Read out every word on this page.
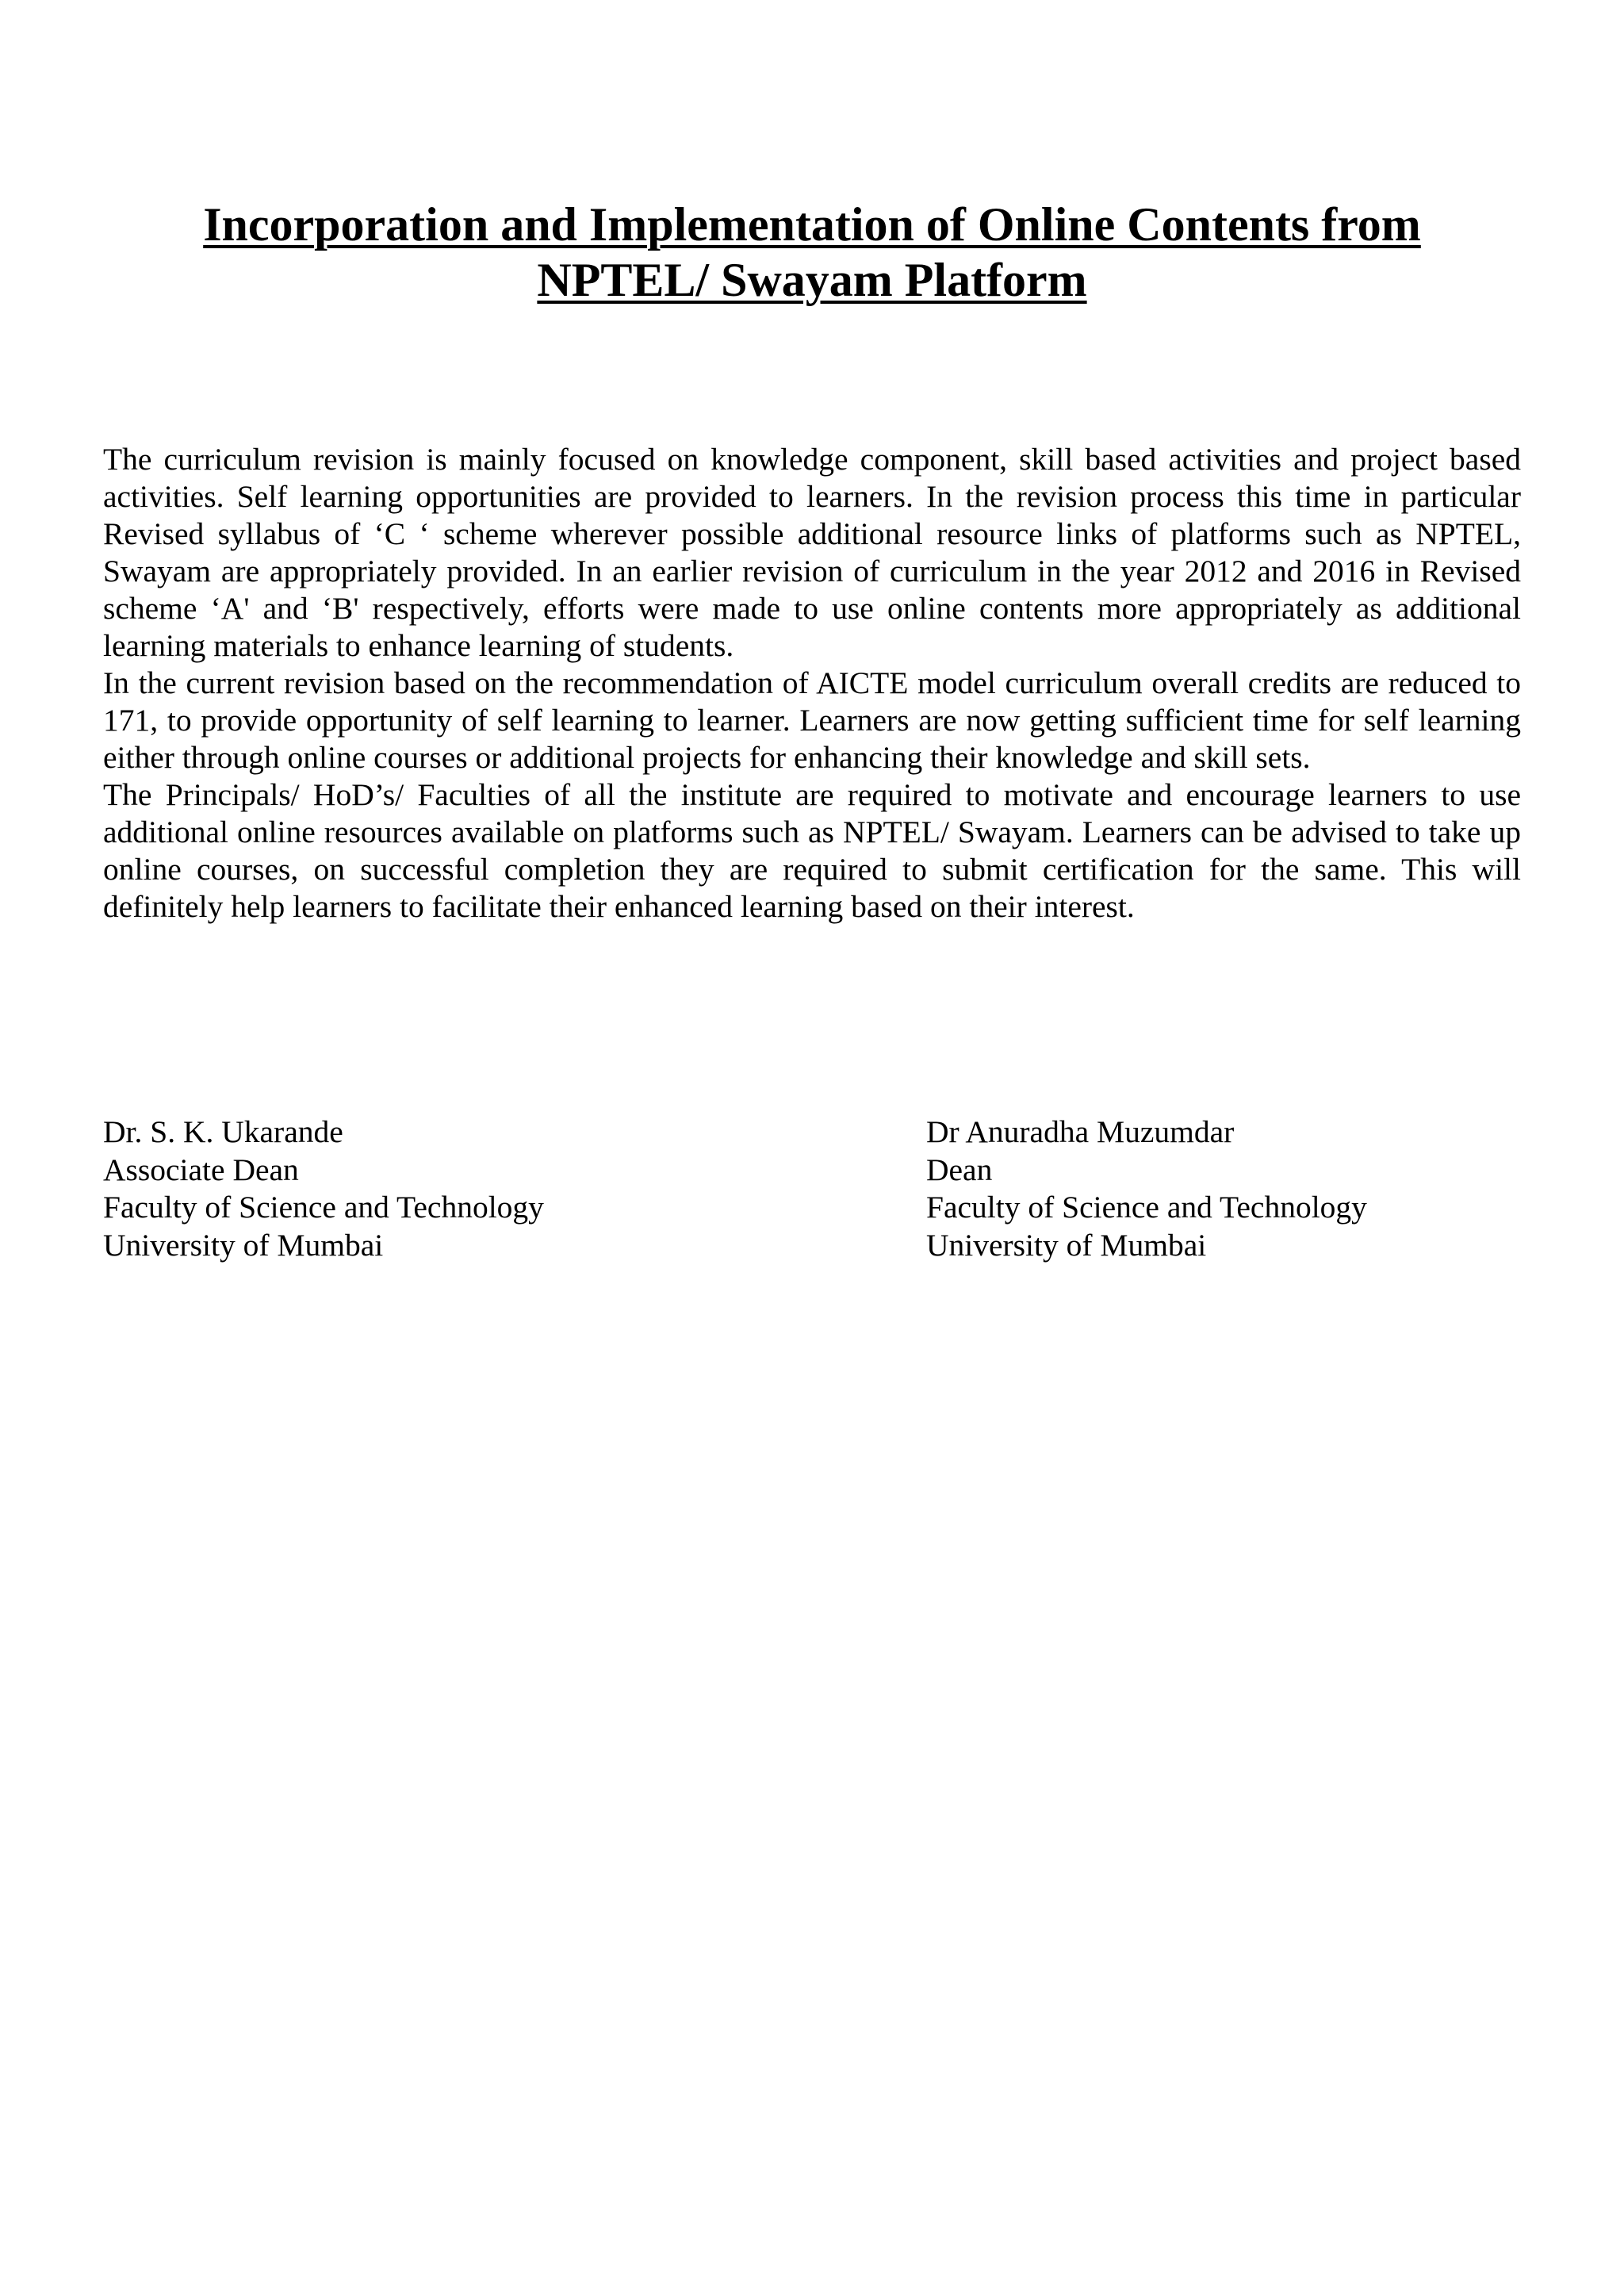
Incorporation and Implementation of Online Contents from
NPTEL/ Swayam Platform

The curriculum revision is mainly focused on knowledge component, skill based activities and project based activities. Self learning opportunities are provided to learners. In the revision process this time in particular Revised syllabus of ‘C ‘ scheme wherever possible additional resource links of platforms such as NPTEL, Swayam are appropriately provided. In an earlier revision of curriculum in the year 2012 and 2016 in Revised scheme ‘A' and ‘B' respectively, efforts were made to use online contents more appropriately as additional learning materials to enhance learning of students.

In the current revision based on the recommendation of AICTE model curriculum overall credits are reduced to 171, to provide opportunity of self learning to learner. Learners are now getting sufficient time for self learning either through online courses or additional projects for enhancing their knowledge and skill sets.

The Principals/ HoD’s/ Faculties of all the institute are required to motivate and encourage learners to use additional online resources available on platforms such as NPTEL/ Swayam. Learners can be advised to take up online courses, on successful completion they are required to submit certification for the same. This will definitely help learners to facilitate their enhanced learning based on their interest.

Dr. S. K. Ukarande
Associate Dean
Faculty of Science and Technology
University of Mumbai
Dr Anuradha Muzumdar
Dean
Faculty of Science and Technology
University of Mumbai
